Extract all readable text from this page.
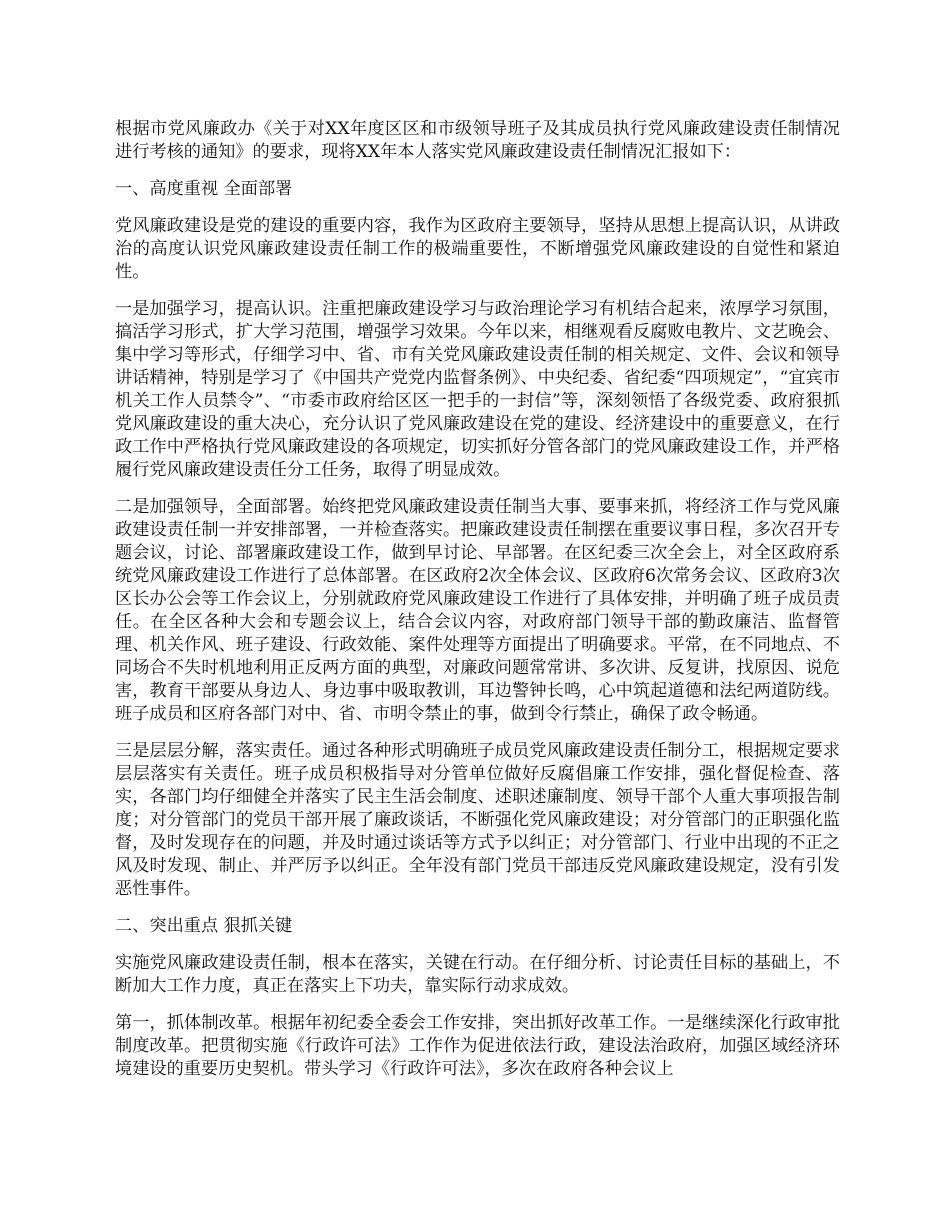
根据市党风廉政办《关于对XX年度区区和市级领导班子及其成员执行党风廉政建设责任制情况进行考核的通知》的要求，现将XX年本人落实党风廉政建设责任制情况汇报如下：

一、高度重视 全面部署

党风廉政建设是党的建设的重要内容，我作为区政府主要领导，坚持从思想上提高认识，从讲政治的高度认识党风廉政建设责任制工作的极端重要性，不断增强党风廉政建设的自觉性和紧迫性。

一是加强学习，提高认识。注重把廉政建设学习与政治理论学习有机结合起来，浓厚学习氛围，搞活学习形式，扩大学习范围，增强学习效果。今年以来，相继观看反腐败电教片、文艺晚会、集中学习等形式，仔细学习中、省、市有关党风廉政建设责任制的相关规定、文件、会议和领导讲话精神，特别是学习了《中国共产党党内监督条例》、中央纪委、省纪委“四项规定”，“宜宾市机关工作人员禁令”、“市委市政府给区区一把手的一封信”等，深刻领悟了各级党委、政府狠抓党风廉政建设的重大决心，充分认识了党风廉政建设在党的建设、经济建设中的重要意义，在行政工作中严格执行党风廉政建设的各项规定，切实抓好分管各部门的党风廉政建设工作，并严格履行党风廉政建设责任分工任务，取得了明显成效。

二是加强领导，全面部署。始终把党风廉政建设责任制当大事、要事来抓，将经济工作与党风廉政建设责任制一并安排部署，一并检查落实。把廉政建设责任制摆在重要议事日程，多次召开专题会议，讨论、部署廉政建设工作，做到早讨论、早部署。在区纪委三次全会上，对全区政府系统党风廉政建设工作进行了总体部署。在区政府2次全体会议、区政府6次常务会议、区政府3次区长办公会等工作会议上，分别就政府党风廉政建设工作进行了具体安排，并明确了班子成员责任。在全区各种大会和专题会议上，结合会议内容，对政府部门领导干部的勤政廉洁、监督管理、机关作风、班子建设、行政效能、案件处理等方面提出了明确要求。平常，在不同地点、不同场合不失时机地利用正反两方面的典型，对廉政问题常常讲、多次讲、反复讲，找原因、说危害，教育干部要从身边人、身边事中吸取教训，耳边警钟长鸣，心中筑起道德和法纪两道防线。班子成员和区府各部门对中、省、市明令禁止的事，做到令行禁止，确保了政令畅通。

三是层层分解，落实责任。通过各种形式明确班子成员党风廉政建设责任制分工，根据规定要求层层落实有关责任。班子成员积极指导对分管单位做好反腐倡廉工作安排，强化督促检查、落实，各部门均仔细健全并落实了民主生活会制度、述职述廉制度、领导干部个人重大事项报告制度；对分管部门的党员干部开展了廉政谈话，不断强化党风廉政建设；对分管部门的正职强化监督，及时发现存在的问题，并及时通过谈话等方式予以纠正；对分管部门、行业中出现的不正之风及时发现、制止、并严厉予以纠正。全年没有部门党员干部违反党风廉政建设规定，没有引发恶性事件。

二、突出重点 狠抓关键

实施党风廉政建设责任制，根本在落实，关键在行动。在仔细分析、讨论责任目标的基础上，不断加大工作力度，真正在落实上下功夫，靠实际行动求成效。

第一，抓体制改革。根据年初纪委全委会工作安排，突出抓好改革工作。一是继续深化行政审批制度改革。把贯彻实施《行政许可法》工作作为促进依法行政，建设法治政府，加强区域经济环境建设的重要历史契机。带头学习《行政许可法》，多次在政府各种会议上
